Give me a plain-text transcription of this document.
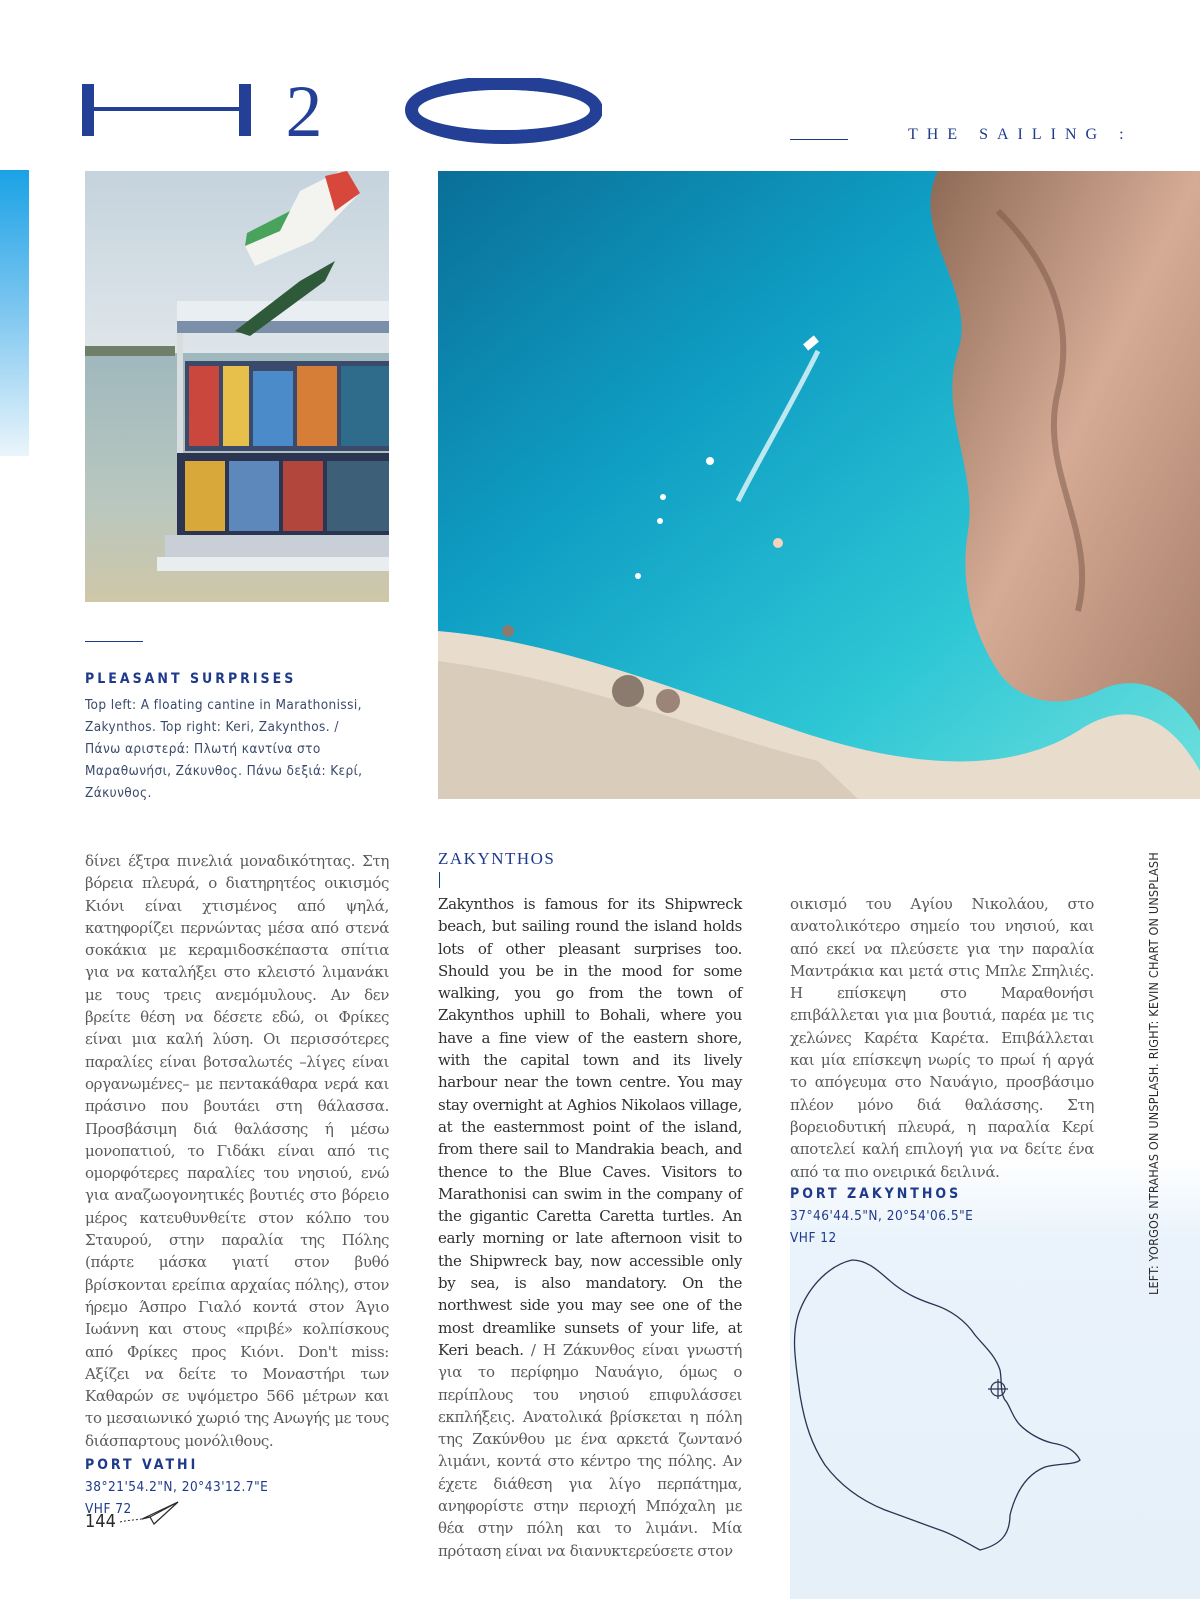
2	THE SAILING :
PLEASANT SURPRISES
Top left: A floating cantine in Marathonissi, Zakynthos. Top right: Keri, Zakynthos. / Πάνω αριστερά: Πλωτή καντίνα στο Μαραθωνήσι, Ζάκυνθος. Πάνω δεξιά: Κερί, Ζάκυνθος.
δίνει έξτρα πινελιά μοναδικότητας. Στη βόρεια πλευρά, ο διατηρητέος οικισμός Κιόνι είναι χτισμένος από ψηλά, κατηφορίζει περνώντας μέσα από στενά σοκάκια με κεραμιδοσκέπαστα σπίτια για να καταλήξει στο κλειστό λιμανάκι με τους τρεις ανεμόμυλους. Αν δεν βρείτε θέση να δέσετε εδώ, οι Φρίκες είναι μια καλή λύση. Οι περισσότερες παραλίες είναι βοτσαλωτές –λίγες είναι οργανωμένες– με πεντακάθαρα νερά και πράσινο που βουτάει στη θάλασσα. Προσβάσιμη διά θαλάσσης ή μέσω μονοπατιού, το Γιδάκι είναι από τις ομορφότερες παραλίες του νησιού, ενώ για αναζωογονητικές βουτιές στο βόρειο μέρος κατευθυνθείτε στον κόλπο του Σταυρού, στην παραλία της Πόλης (πάρτε μάσκα γιατί στον βυθό βρίσκονται ερείπια αρχαίας πόλης), στον ήρεμο Άσπρο Γιαλό κοντά στον Άγιο Ιωάννη και στους «πριβέ» κολπίσκους από Φρίκες προς Κιόνι. Don't miss: Αξίζει να δείτε το Μοναστήρι των Καθαρών σε υψόμετρο 566 μέτρων και το μεσαιωνικό χωριό της Ανωγής με τους διάσπαρτους μονόλιθους.
PORT VATHI
38°21'54.2"N, 20°43'12.7"E
VHF 72
ZAKYNTHOS
Zakynthos is famous for its Shipwreck beach, but sailing round the island holds lots of other pleasant surprises too. Should you be in the mood for some walking, you go from the town of Zakynthos uphill to Bohali, where you have a fine view of the eastern shore, with the capital town and its lively harbour near the town centre. You may stay overnight at Aghios Nikolaos village, at the easternmost point of the island, from there sail to Mandrakia beach, and thence to the Blue Caves. Visitors to Marathonisi can swim in the company of the gigantic Caretta Caretta turtles. An early morning or late afternoon visit to the Shipwreck bay, now accessible only by sea, is also mandatory. On the northwest side you may see one of the most dreamlike sunsets of your life, at Keri beach. / Η Ζάκυνθος είναι γνωστή για το περίφημο Ναυάγιο, όμως ο περίπλους του νησιού επιφυλάσσει εκπλήξεις. Ανατολικά βρίσκεται η πόλη της Ζακύνθου με ένα αρκετά ζωντανό λιμάνι, κοντά στο κέντρο της πόλης. Αν έχετε διάθεση για λίγο περπάτημα, ανηφορίστε στην περιοχή Μπόχαλη με θέα στην πόλη και το λιμάνι. Μία πρόταση είναι να διανυκτερεύσετε στον
οικισμό του Αγίου Νικολάου, στο ανατολικότερο σημείο του νησιού, και από εκεί να πλεύσετε για την παραλία Μαντράκια και μετά στις Μπλε Σπηλιές. Η επίσκεψη στο Μαραθονήσι επιβάλλεται για μια βουτιά, παρέα με τις χελώνες Καρέτα Καρέτα. Επιβάλλεται και μία επίσκεψη νωρίς το πρωί ή αργά το απόγευμα στο Ναυάγιο, προσβάσιμο πλέον μόνο διά θαλάσσης. Στη βορειοδυτική πλευρά, η παραλία Κερί αποτελεί καλή επιλογή για να δείτε ένα από τα πιο ονειρικά δειλινά.
PORT ZAKYNTHOS
37°46'44.5"N, 20°54'06.5"E
VHF 12	LEFT: YORGOS NTRAHAS ON UNSPLASH. RIGHT: KEVIN CHART ON UNSPLASH
144
